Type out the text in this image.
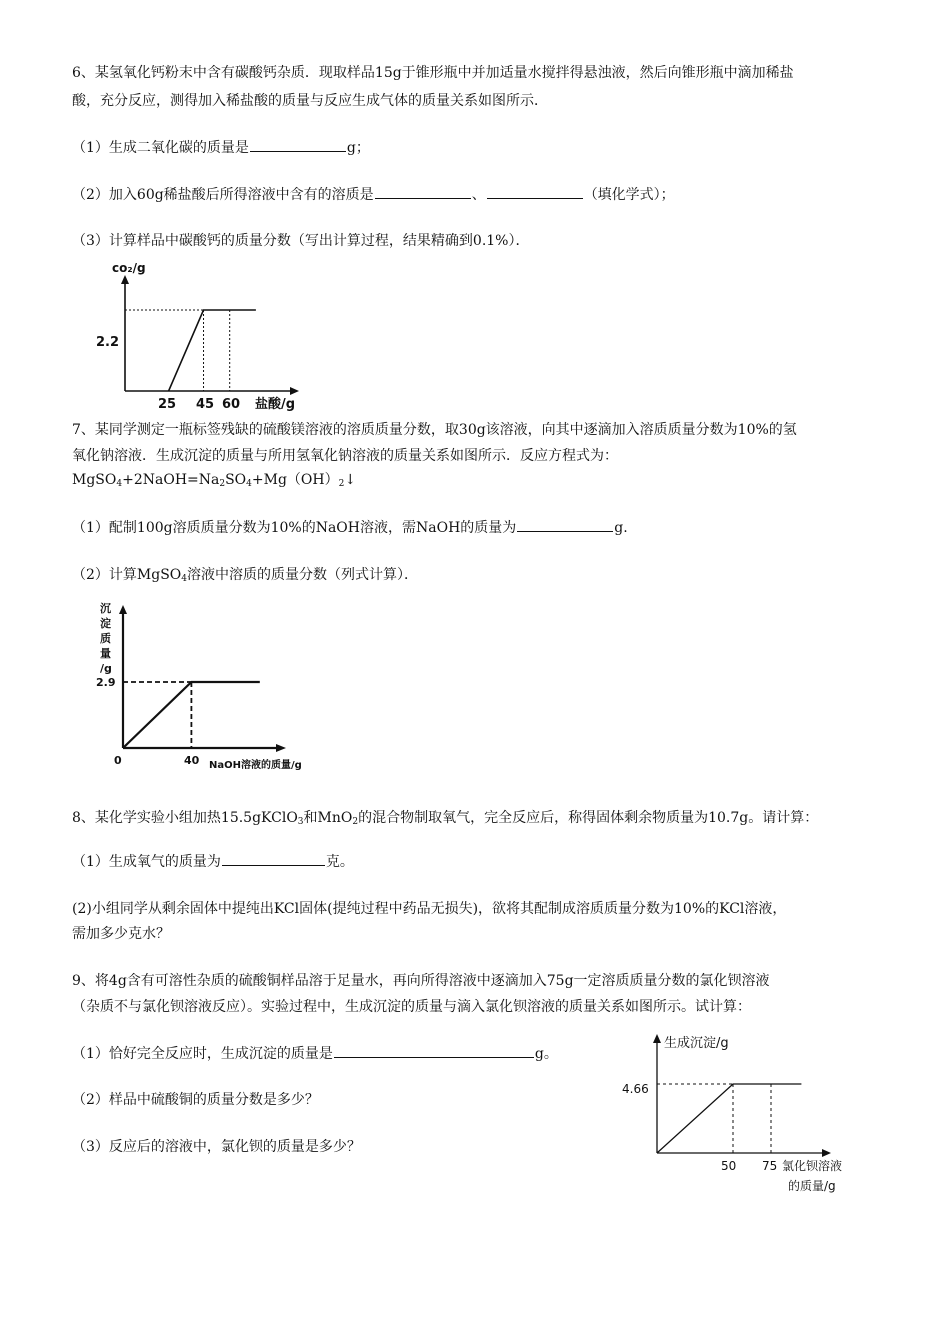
6、某氢氧化钙粉末中含有碳酸钙杂质．现取样品15g于锥形瓶中并加适量水搅拌得悬浊液，然后向锥形瓶中滴加稀盐
酸，充分反应，测得加入稀盐酸的质量与反应生成气体的质量关系如图所示．
（1）生成二氧化碳的质量是	g；
（2）加入60g稀盐酸后所得溶液中含有的溶质是	、	（填化学式）；
（3）计算样品中碳酸钙的质量分数（写出计算过程，结果精确到0.1%）．
co₂/g
盐酸/g
2.2
25 45 60
7、某同学测定一瓶标签残缺的硫酸镁溶液的溶质质量分数，取30g该溶液，向其中逐滴加入溶质质量分数为10%的氢
氧化钠溶液．生成沉淀的质量与所用氢氧化钠溶液的质量关系如图所示．反应方程式为：
$MgSO_4+2NaOH=Na_2SO_4+Mg(OH)_2↓$
（1）配制100g溶质质量分数为10%的NaOH溶液，需NaOH的质量为	g.
（2）计算MgSO$_4$溶液中溶质的质量分数（列式计算）．
沉
淀
质
量
/g
0	40 NaOH溶液的质量/g
2.9
8、某化学实验小组加热15.5gKClO$_3$和MnO$_2$的混合物制取氧气，完全反应后，称得固体剩余物质量为10.7g。请计算：
（1）生成氧气的质量为	克。
(2)小组同学从剩余固体中提纯出KCl固体(提纯过程中药品无损失)，欲将其配制成溶质质量分数为10%的KCl溶液，
需加多少克水？
9、将4g含有可溶性杂质的硫酸铜样品溶于足量水，再向所得溶液中逐滴加入75g一定溶质质量分数的氯化钡溶液
（杂质不与氯化钡溶液反应）。实验过程中，生成沉淀的质量与滴入氯化钡溶液的质量关系如图所示。试计算：
（1）恰好完全反应时，生成沉淀的质量是	g。
（2）样品中硫酸铜的质量分数是多少？
（3）反应后的溶液中，氯化钡的质量是多少？
生成沉淀/g
4.66
50 75 氯化钡溶液
的质量/g
